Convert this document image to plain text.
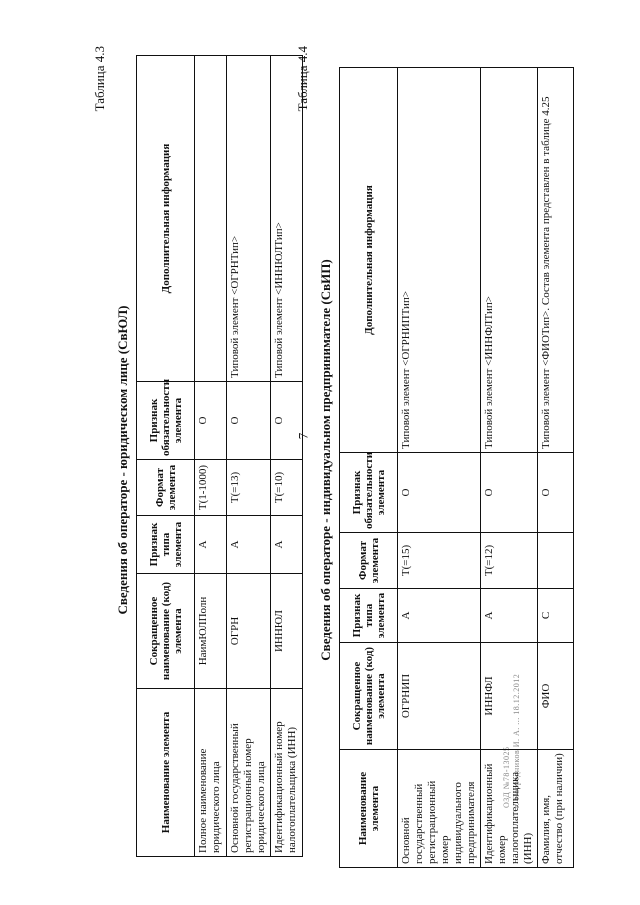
7
ОЗД №78-13025 г. Посредников И. А. ... 18.12.2012
Таблица 4.3
Сведения об операторе - юридическом лице (СвЮЛ)
Наименование элемента	Сокращенное наименование (код) элемента	Признак типа элемента	Формат элемента	Признак обязательности элемента	Дополнительная информация
Полное наименование юридического лица	НаимЮЛПолн	А	Т(1-1000)	О	
Основной государственный регистрационный номер юридического лица	ОГРН	А	Т(=13)	О	Типовой элемент <ОГРНТип>
Идентификационный номер налогоплательщика (ИНН)	ИННЮЛ	А	Т(=10)	О	Типовой элемент <ИННЮЛТип>
Таблица 4.4
Сведения об операторе - индивидуальном предпринимателе (СвИП)
Наименование элемента	Сокращенное наименование (код) элемента	Признак типа элемента	Формат элемента	Признак обязательности элемента	Дополнительная информация
Основной государственный регистрационный номер индивидуального предпринимателя	ОГРНИП	А	Т(=15)	О	Типовой элемент <ОГРНИПТип>
Идентификационный номер налогоплательщика (ИНН)	ИННФЛ	А	Т(=12)	О	Типовой элемент <ИННФЛТип>
Фамилия, имя, отчество (при наличии)	ФИО	С		О	Типовой элемент <ФИОТип>. Состав элемента представлен в таблице 4.25
